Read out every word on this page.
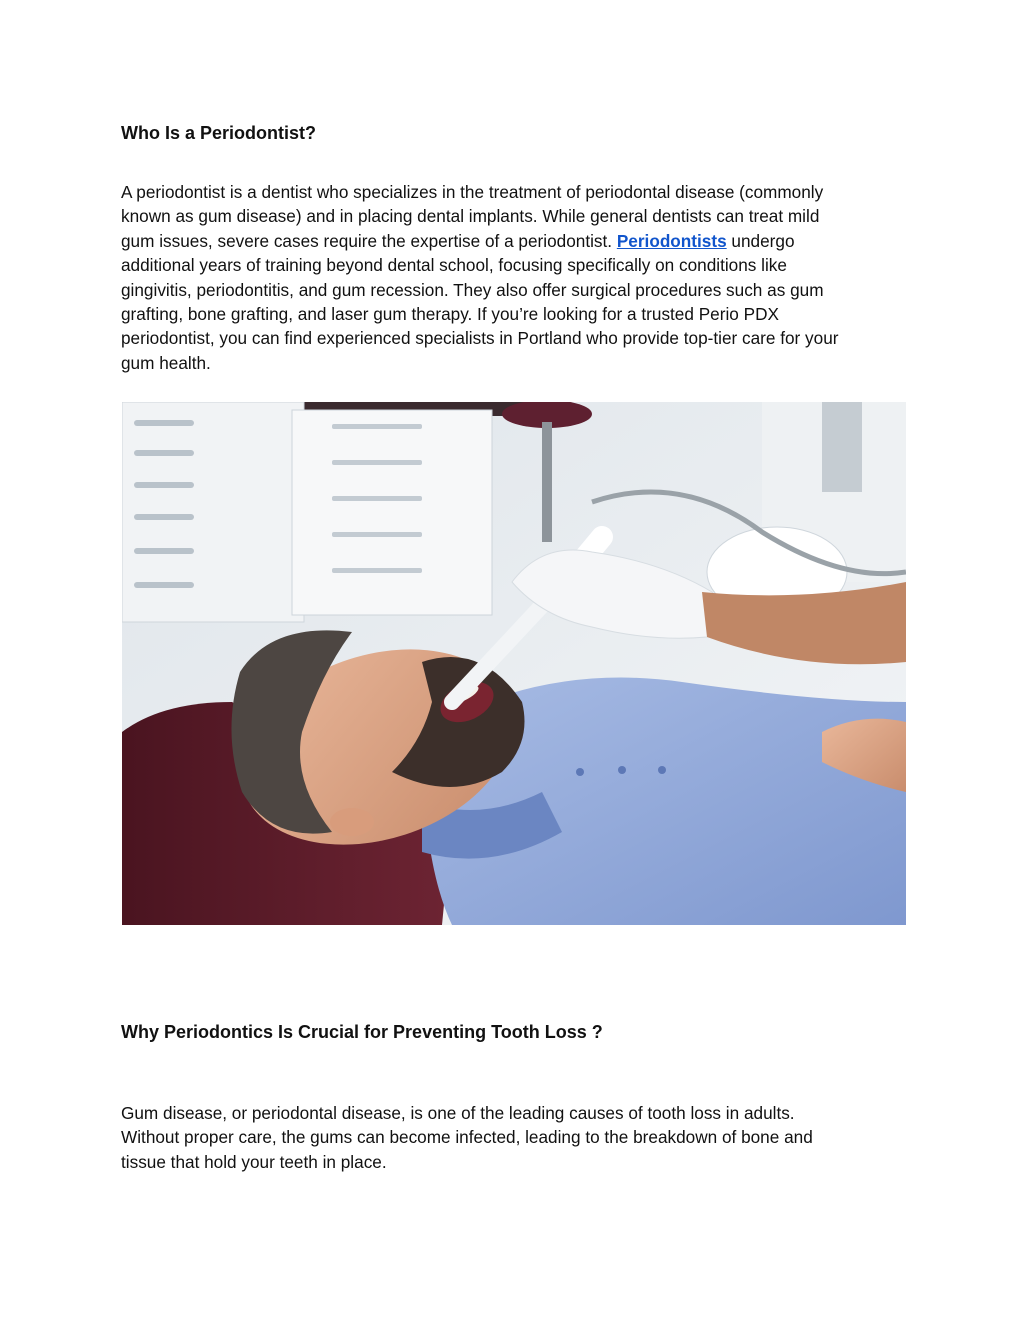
Who Is a Periodontist?
A periodontist is a dentist who specializes in the treatment of periodontal disease (commonly
known as gum disease) and in placing dental implants. While general dentists can treat mild
gum issues, severe cases require the expertise of a periodontist. Periodontists undergo
additional years of training beyond dental school, focusing specifically on conditions like
gingivitis, periodontitis, and gum recession. They also offer surgical procedures such as gum
grafting, bone grafting, and laser gum therapy. If you’re looking for a trusted Perio PDX
periodontist, you can find experienced specialists in Portland who provide top-tier care for your
gum health.
Why Periodontics Is Crucial for Preventing Tooth Loss ?
Gum disease, or periodontal disease, is one of the leading causes of tooth loss in adults.
Without proper care, the gums can become infected, leading to the breakdown of bone and
tissue that hold your teeth in place.
